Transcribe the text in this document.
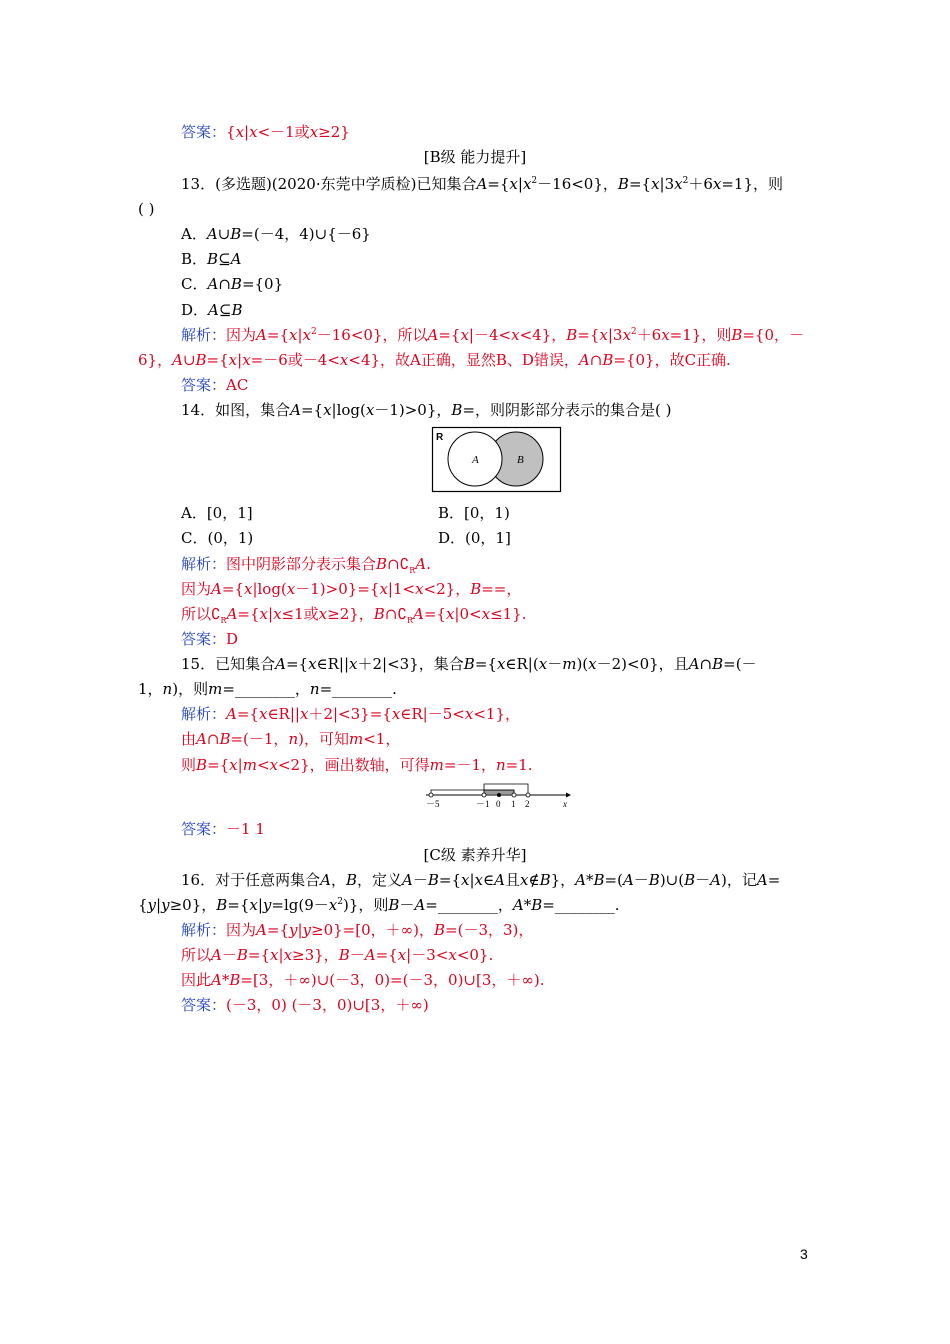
答案：{x|x<－1或x≥2}
[B级 能力提升]
13．(多选题)(2020·东莞中学质检)已知集合$A=\{x|x^2-16<0\}$，$B=\{x|3x^2+6x=1\}$，则
( )
A．A∪B=(－4，4)∪{－6}
B．B⊆A
C．A∩B={0}
D．A⊆B
解析：因为$A=\{x|x^2-16<0\}$，所以A={x|－4<x<4}，$B=\{x|3x^2+6x=1\}$，则B={0，－
6}，A∪B={x|x=－6或－4<x<4}，故A正确，显然B、D错误，A∩B={0}，故C正确.
答案：AC
14．如图，集合A={x|log(x－1)>0}，B=，则阴影部分表示的集合是( )
R
A	B
A．[0，1]	B．[0，1)
C．(0，1)	D．(0，1]
解析：图中阴影部分表示集合$B\cap∁_RA$.
因为A={x|log(x－1)>0}={x|1<x<2}，B==，
所以$∁_RA=\{x|x\le 1$或x≥2}，$B\cap∁_RA=\{x|0<x\le 1\}$.
答案：D
15．已知集合A={x∈R||x＋2|<3}，集合B={x∈R|(x－m)(x－2)<0}，且A∩B=(－
1，n)，则m=________，n=________.
解析：A={x∈R||x＋2|<3}={x∈R|－5<x<1}，
由A∩B=(－1，n)，可知m<1，
则B={x|m<x<2}，画出数轴，可得m=－1，n=1.
－5	－1 0 1 2	x
答案：－1 1
[C级 素养升华]
16．对于任意两集合A，B，定义A－B={x|x∈A且x∉B}，A*B=(A－B)∪(B－A)，记A=
{y|y≥0}，$B=\{x|y=\lg(9-x^2)\}$，则B－A=________，A*B=________.
解析：因为A={y|y≥0}=[0，＋∞)，B=(－3，3)，
所以A－B={x|x≥3}，B－A={x|－3<x<0}.
因此A*B=[3，＋∞)∪(－3，0)=(－3，0)∪[3，＋∞).
答案：(－3，0) (－3，0)∪[3，＋∞)
3
